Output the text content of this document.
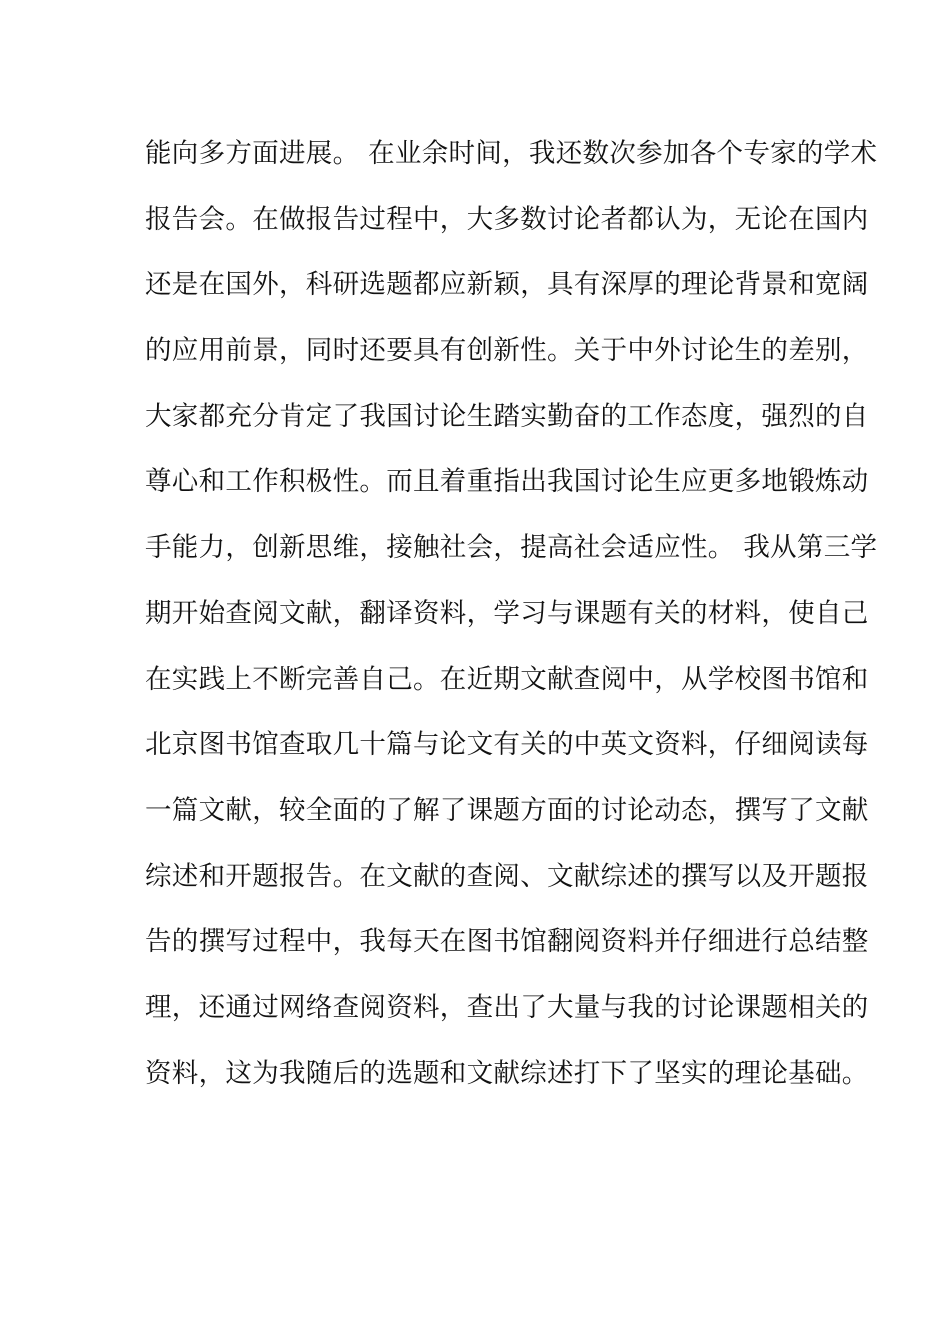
能向多方面进展。 在业余时间，我还数次参加各个专家的学术
报告会。在做报告过程中，大多数讨论者都认为，无论在国内
还是在国外，科研选题都应新颖，具有深厚的理论背景和宽阔
的应用前景，同时还要具有创新性。关于中外讨论生的差别，
大家都充分肯定了我国讨论生踏实勤奋的工作态度，强烈的自
尊心和工作积极性。而且着重指出我国讨论生应更多地锻炼动
手能力，创新思维，接触社会，提高社会适应性。 我从第三学
期开始查阅文献，翻译资料，学习与课题有关的材料，使自己
在实践上不断完善自己。在近期文献查阅中，从学校图书馆和
北京图书馆查取几十篇与论文有关的中英文资料，仔细阅读每
一篇文献，较全面的了解了课题方面的讨论动态，撰写了文献
综述和开题报告。在文献的查阅、文献综述的撰写以及开题报
告的撰写过程中，我每天在图书馆翻阅资料并仔细进行总结整
理，还通过网络查阅资料，查出了大量与我的讨论课题相关的
资料，这为我随后的选题和文献综述打下了坚实的理论基础。
